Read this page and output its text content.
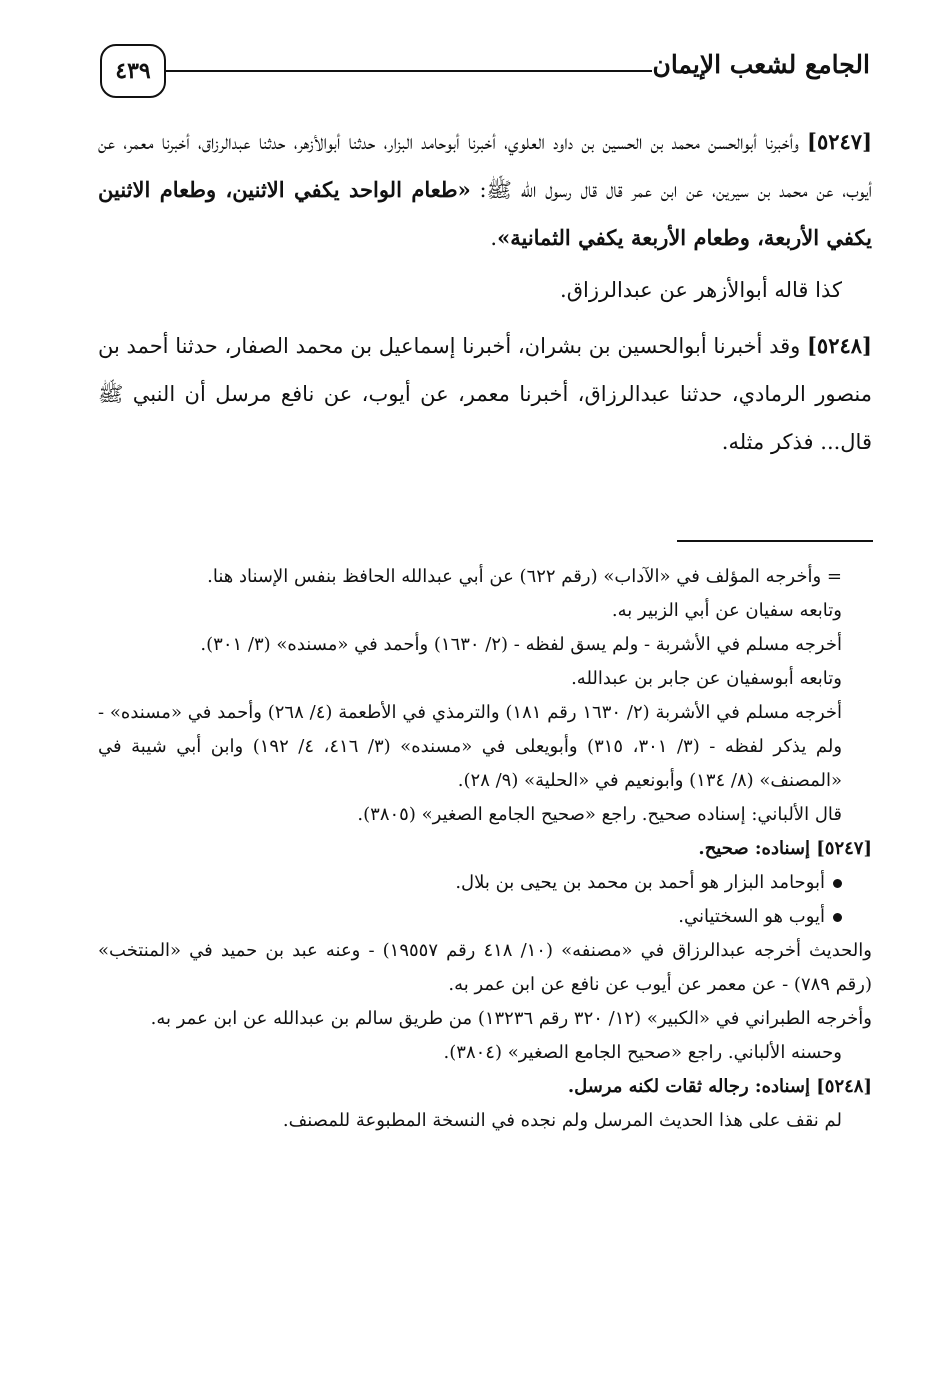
الجامع لشعب الإيمان
٤٣٩

[٥٢٤٧] وأخبرنا أبوالحسن محمد بن الحسين بن داود العلوي، أخبرنا أبوحامد البزار، حدثنا أبوالأزهر، حدثنا عبدالرزاق، أخبرنا معمر، عن أيوب، عن محمد بن سيرين، عن ابن عمر قال قال رسول الله ﷺ: «طعام الواحد يكفي الاثنين، وطعام الاثنين يكفي الأربعة، وطعام الأربعة يكفي الثمانية».

كذا قاله أبوالأزهر عن عبدالرزاق.

[٥٢٤٨] وقد أخبرنا أبوالحسين بن بشران، أخبرنا إسماعيل بن محمد الصفار، حدثنا أحمد بن منصور الرمادي، حدثنا عبدالرزاق، أخبرنا معمر، عن أيوب، عن نافع مرسل أن النبي ﷺ قال... فذكر مثله.

= وأخرجه المؤلف في «الآداب» (رقم ٦٢٢) عن أبي عبدالله الحافظ بنفس الإسناد هنا.

وتابعه سفيان عن أبي الزبير به.

أخرجه مسلم في الأشربة - ولم يسق لفظه - (٢/ ١٦٣٠) وأحمد في «مسنده» (٣/ ٣٠١).

وتابعه أبوسفيان عن جابر بن عبدالله.

أخرجه مسلم في الأشربة (٢/ ١٦٣٠ رقم ١٨١) والترمذي في الأطعمة (٤/ ٢٦٨) وأحمد في «مسنده» - ولم يذكر لفظه - (٣/ ٣٠١، ٣١٥) وأبويعلى في «مسنده» (٣/ ٤١٦، ٤/ ١٩٢) وابن أبي شيبة في «المصنف» (٨/ ١٣٤) وأبونعيم في «الحلية» (٩/ ٢٨).

قال الألباني: إسناده صحيح. راجع «صحيح الجامع الصغير» (٣٨٠٥).

[٥٢٤٧] إسناده: صحيح.

أبوحامد البزار هو أحمد بن محمد بن يحيى بن بلال.

أيوب هو السختياني.

والحديث أخرجه عبدالرزاق في «مصنفه» (١٠/ ٤١٨ رقم ١٩٥٥٧) - وعنه عبد بن حميد في «المنتخب» (رقم ٧٨٩) - عن معمر عن أيوب عن نافع عن ابن عمر به.

وأخرجه الطبراني في «الكبير» (١٢/ ٣٢٠ رقم ١٣٢٣٦) من طريق سالم بن عبدالله عن ابن عمر به.

وحسنه الألباني. راجع «صحيح الجامع الصغير» (٣٨٠٤).

[٥٢٤٨] إسناده: رجاله ثقات لكنه مرسل.

لم نقف على هذا الحديث المرسل ولم نجده في النسخة المطبوعة للمصنف.
